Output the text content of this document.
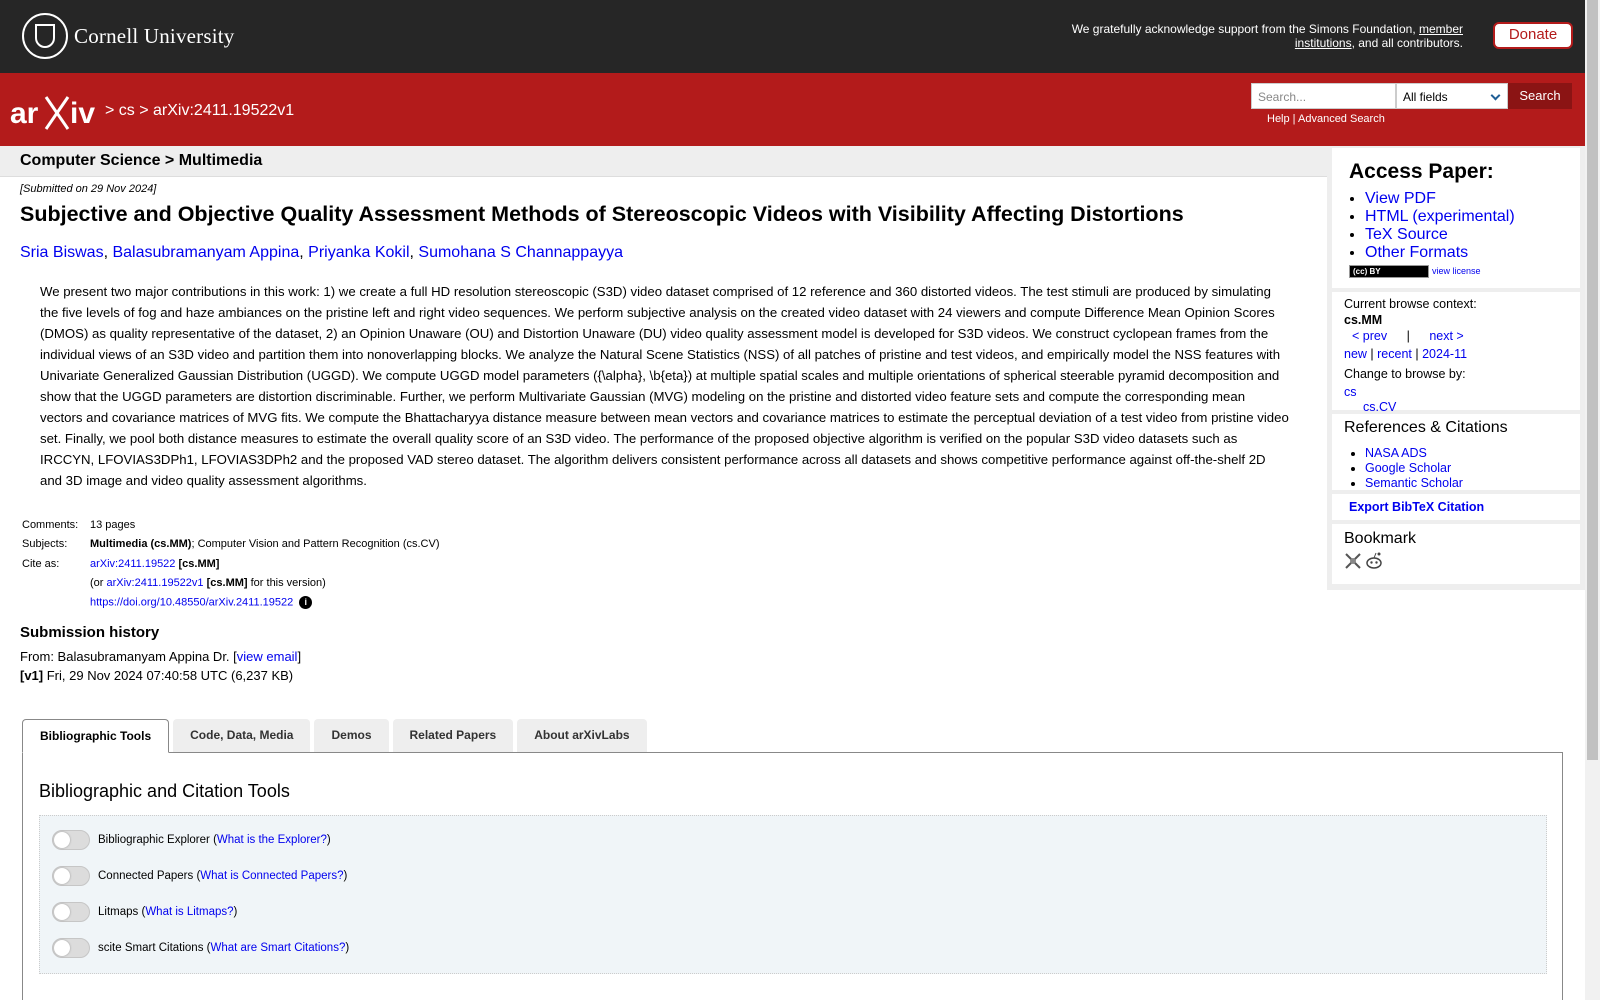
Cornell University	We gratefully acknowledge support from the Simons Foundation, member institutions, and all contributors.	Donate
ar iv > cs > arXiv:2411.19522v1
Search...	All fields	Search
Help | Advanced Search
Computer Science > Multimedia
[Submitted on 29 Nov 2024]
Subjective and Objective Quality Assessment Methods of Stereoscopic Videos with Visibility Affecting Distortions
Sria Biswas, Balasubramanyam Appina, Priyanka Kokil, Sumohana S Channappayya
We present two major contributions in this work: 1) we create a full HD resolution stereoscopic (S3D) video dataset comprised of 12 reference and 360 distorted videos. The test stimuli are produced by simulating the five levels of fog and haze ambiances on the pristine left and right video sequences. We perform subjective analysis on the created video dataset with 24 viewers and compute Difference Mean Opinion Scores (DMOS) as quality representative of the dataset, 2) an Opinion Unaware (OU) and Distortion Unaware (DU) video quality assessment model is developed for S3D videos. We construct cyclopean frames from the individual views of an S3D video and partition them into nonoverlapping blocks. We analyze the Natural Scene Statistics (NSS) of all patches of pristine and test videos, and empirically model the NSS features with Univariate Generalized Gaussian Distribution (UGGD). We compute UGGD model parameters ({\alpha}, \b{eta}) at multiple spatial scales and multiple orientations of spherical steerable pyramid decomposition and show that the UGGD parameters are distortion discriminable. Further, we perform Multivariate Gaussian (MVG) modeling on the pristine and distorted video feature sets and compute the corresponding mean vectors and covariance matrices of MVG fits. We compute the Bhattacharyya distance measure between mean vectors and covariance matrices to estimate the perceptual deviation of a test video from pristine video set. Finally, we pool both distance measures to estimate the overall quality score of an S3D video. The performance of the proposed objective algorithm is verified on the popular S3D video datasets such as IRCCYN, LFOVIAS3DPh1, LFOVIAS3DPh2 and the proposed VAD stereo dataset. The algorithm delivers consistent performance across all datasets and shows competitive performance against off-the-shelf 2D and 3D image and video quality assessment algorithms.
Comments:	13 pages
Subjects:	Multimedia (cs.MM); Computer Vision and Pattern Recognition (cs.CV)
Cite as:	arXiv:2411.19522 [cs.MM]
(or arXiv:2411.19522v1 [cs.MM] for this version)
https://doi.org/10.48550/arXiv.2411.19522 i
Submission history
From: Balasubramanyam Appina Dr. [view email]
[v1] Fri, 29 Nov 2024 07:40:58 UTC (6,237 KB)
Bibliographic Tools	Code, Data, Media	Demos	Related Papers	About arXivLabs
Bibliographic and Citation Tools
Bibliographic Explorer ( What is the Explorer? )
Connected Papers ( What is Connected Papers? )
Litmaps ( What is Litmaps? )
scite Smart Citations ( What are Smart Citations? )
Access Paper:
• View PDF
• HTML (experimental)
• TeX Source
• Other Formats
(cc) BY	view license
Current browse context:
cs.MM
< prev | next >
new | recent | 2024-11
Change to browse by:
cs
cs.CV
References & Citations
• NASA ADS
• Google Scholar
• Semantic Scholar
Export BibTeX Citation
Bookmark
